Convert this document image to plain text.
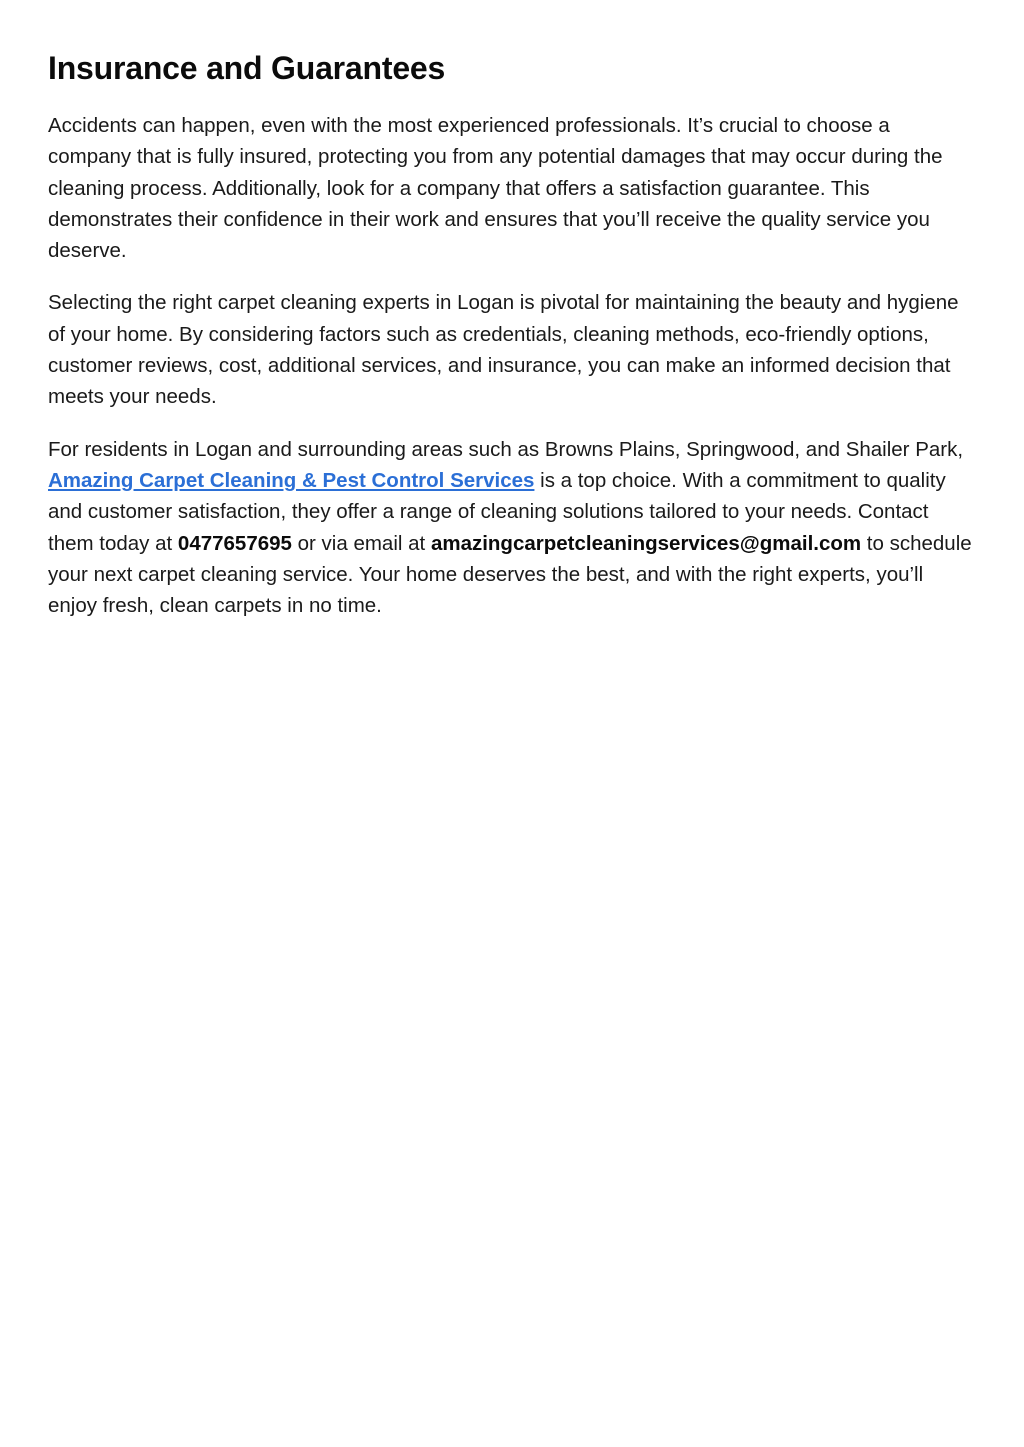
Insurance and Guarantees

Accidents can happen, even with the most experienced professionals. It’s crucial to choose a company that is fully insured, protecting you from any potential damages that may occur during the cleaning process. Additionally, look for a company that offers a satisfaction guarantee. This demonstrates their confidence in their work and ensures that you’ll receive the quality service you deserve.

Selecting the right carpet cleaning experts in Logan is pivotal for maintaining the beauty and hygiene of your home. By considering factors such as credentials, cleaning methods, eco-friendly options, customer reviews, cost, additional services, and insurance, you can make an informed decision that meets your needs.

For residents in Logan and surrounding areas such as Browns Plains, Springwood, and Shailer Park, Amazing Carpet Cleaning & Pest Control Services is a top choice. With a commitment to quality and customer satisfaction, they offer a range of cleaning solutions tailored to your needs. Contact them today at 0477657695 or via email at amazingcarpetcleaningservices@gmail.com to schedule your next carpet cleaning service. Your home deserves the best, and with the right experts, you’ll enjoy fresh, clean carpets in no time.
